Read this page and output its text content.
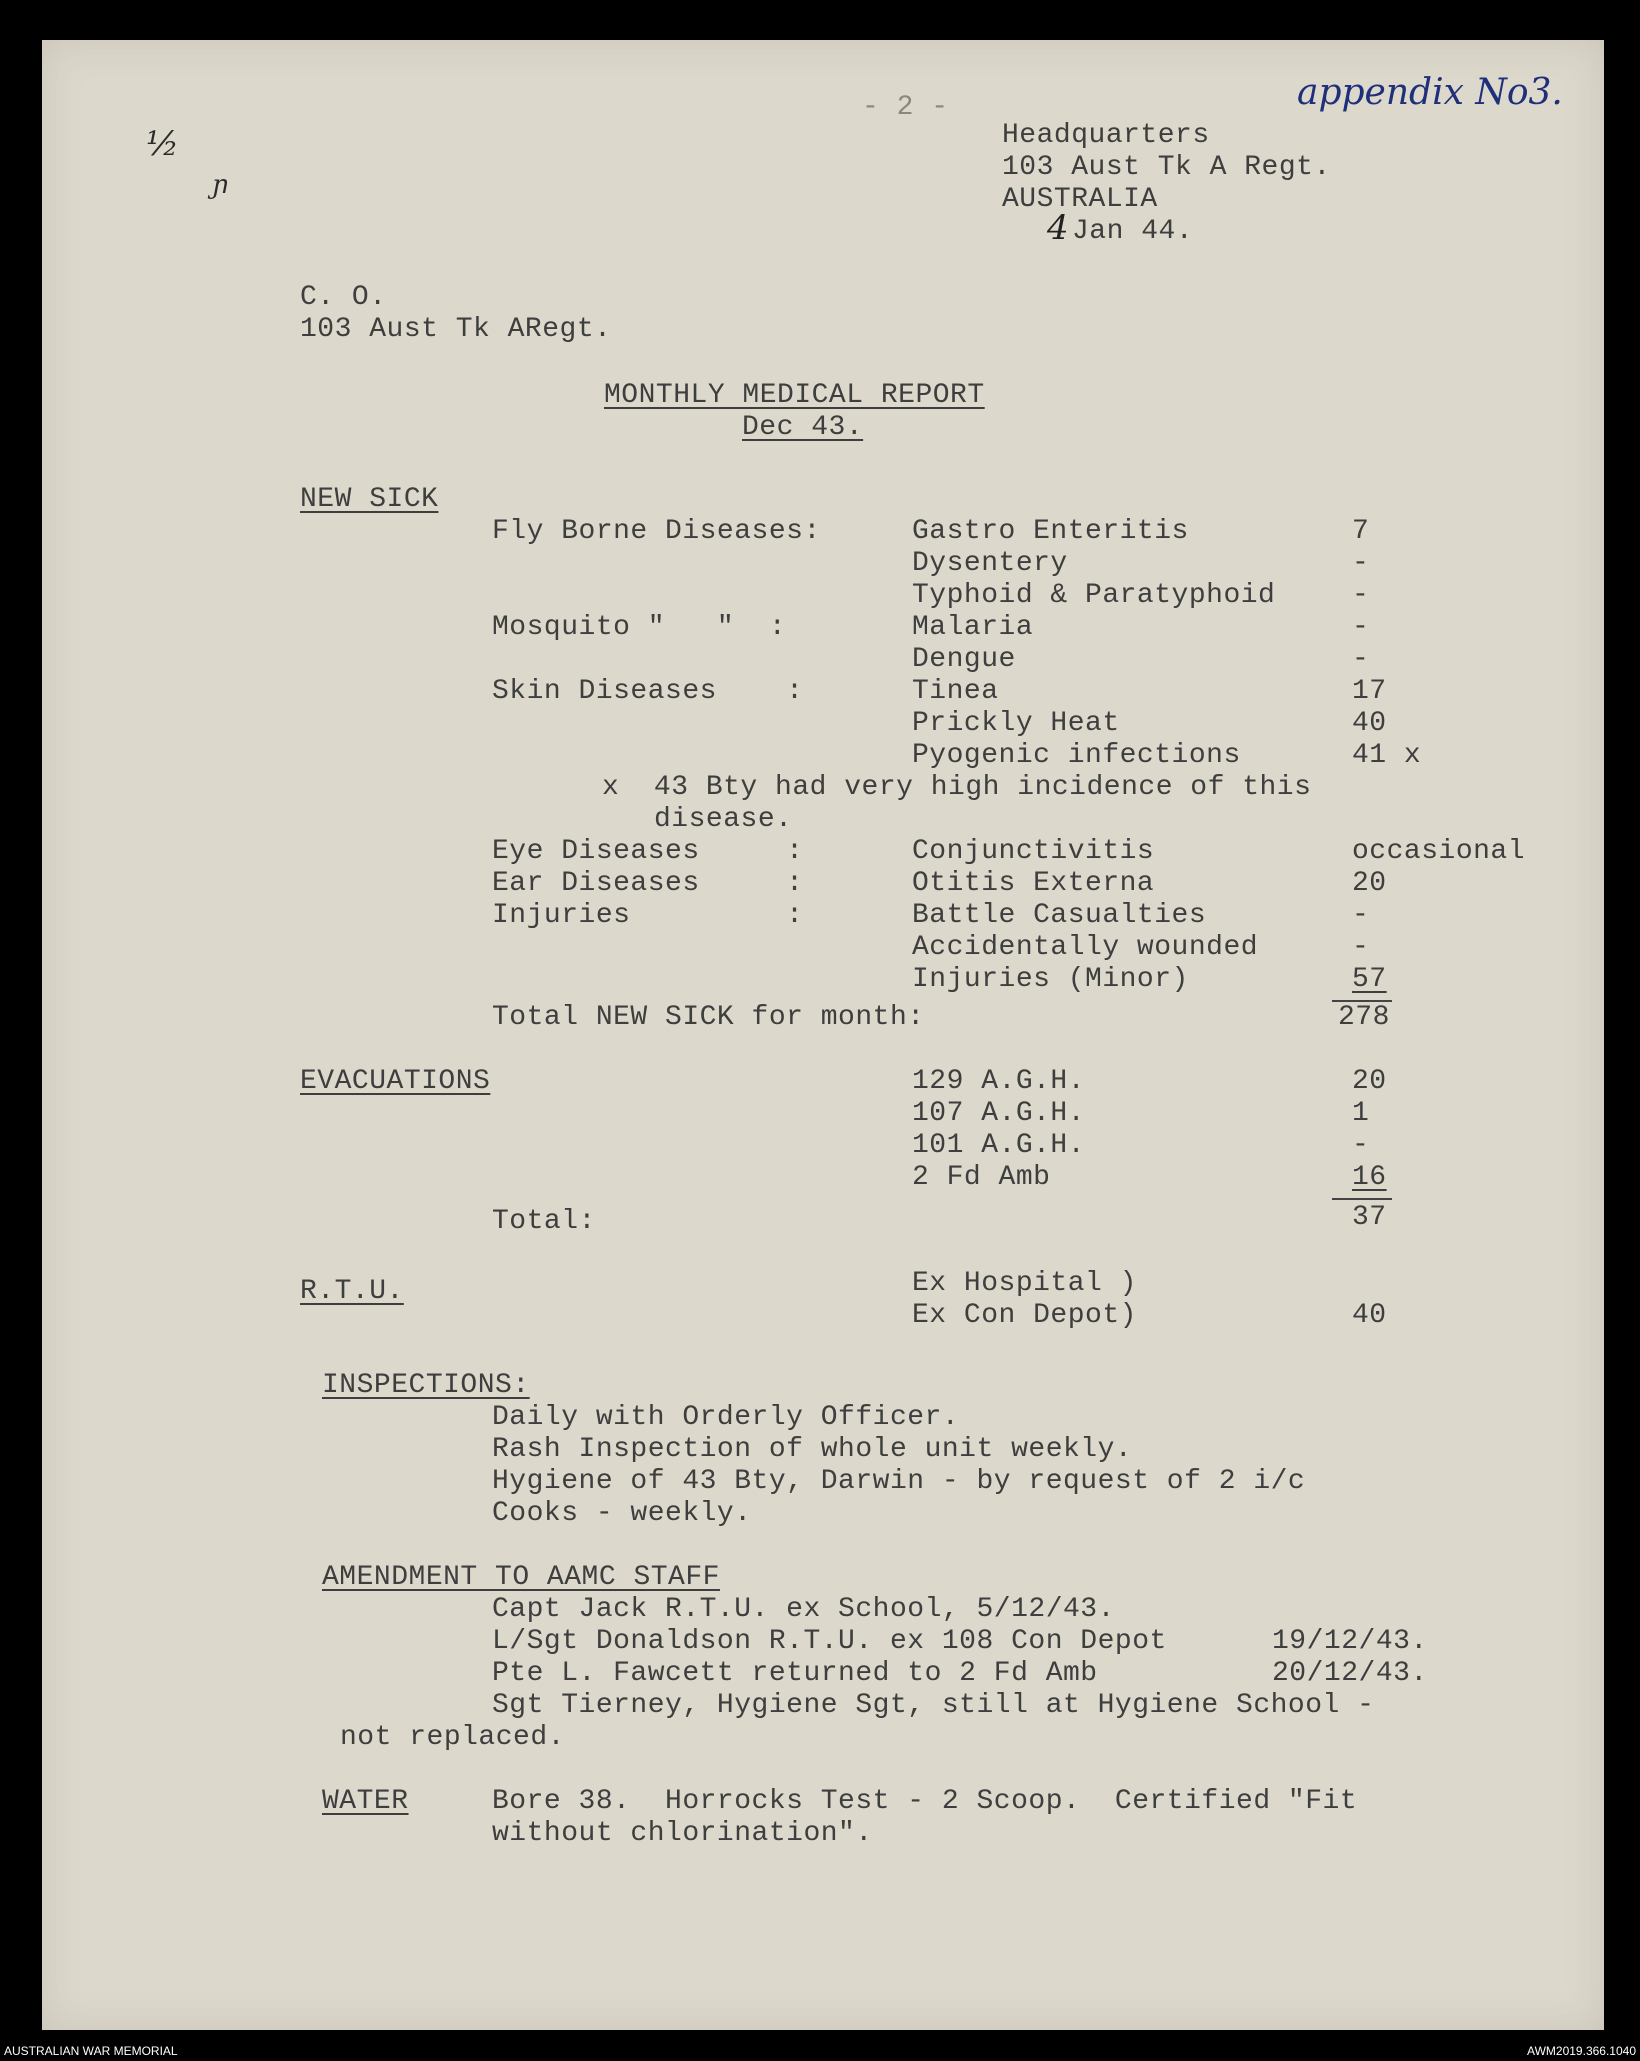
appendix No3.
½
ɲ
- 2 -
Headquarters
103 Aust Tk A Regt.
AUSTRALIA
4 Jan 44.
C. O.
103 Aust Tk ARegt.
MONTHLY MEDICAL REPORT
Dec 43.
NEW SICK
Fly Borne Diseases:	Gastro Enteritis	7
Dysentery	-
Typhoid & Paratyphoid	-
Mosquito "   "  :	Malaria	-
Dengue	-
Skin Diseases    :	Tinea	17
Prickly Heat	40
Pyogenic infections	41 x
x  43 Bty had very high incidence of this
disease.
Eye Diseases     :	Conjunctivitis	occasional
Ear Diseases     :	Otitis Externa	20
Injuries         :	Battle Casualties	-
Accidentally wounded	-
Injuries (Minor)	57
Total NEW SICK for month:	278
EVACUATIONS	129 A.G.H.	20
107 A.G.H.	1
101 A.G.H.	-
2 Fd Amb	16
Total:	37
R.T.U.	Ex Hospital )
Ex Con Depot)	40
INSPECTIONS:
Daily with Orderly Officer.
Rash Inspection of whole unit weekly.
Hygiene of 43 Bty, Darwin - by request of 2 i/c
Cooks - weekly.
AMENDMENT TO AAMC STAFF
Capt Jack R.T.U. ex School, 5/12/43.
L/Sgt Donaldson R.T.U. ex 108 Con Depot	19/12/43.
Pte L. Fawcett returned to 2 Fd Amb	20/12/43.
Sgt Tierney, Hygiene Sgt, still at Hygiene School -
not replaced.
WATER	Bore 38.  Horrocks Test - 2 Scoop.  Certified "Fit
without chlorination".
AUSTRALIAN WAR MEMORIAL	AWM2019.366.1040
